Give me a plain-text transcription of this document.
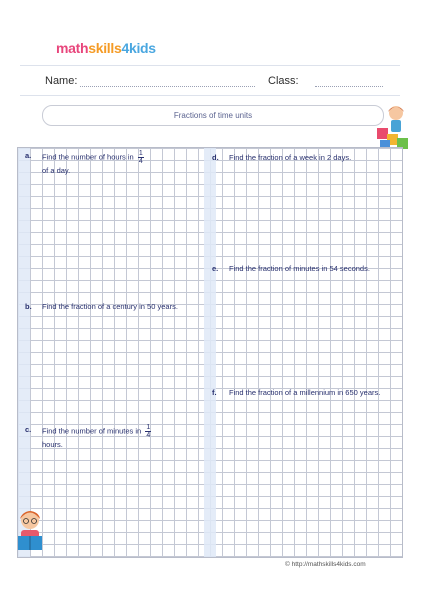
mathskills4kids
Name:	Class:
Fractions of time units
a. Find the number of hours in $\frac{1}{4}$

of a day.
b. Find the fraction of a century in 50 years.
c. Find the number of minutes in $\frac{1}{4}$

hours.
d. Find the fraction of a week in 2 days.
e. Find the fraction of minutes in 54 seconds.
f. Find the fraction of a millennium in 650 years.
© http://mathskills4kids.com
